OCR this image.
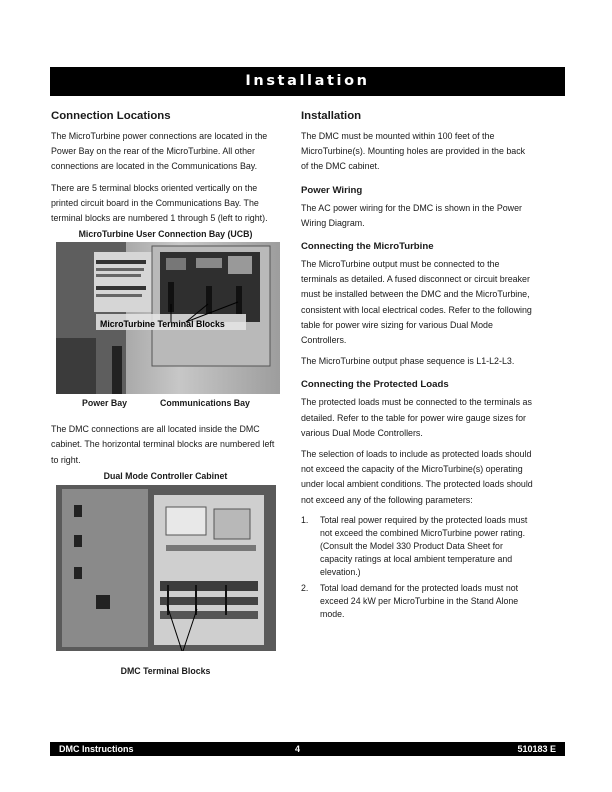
Installation
Connection Locations

The MicroTurbine power connections are located in the Power Bay on the rear of the MicroTurbine. All other connections are located in the Communications Bay.

There are 5 terminal blocks oriented vertically on the printed circuit board in the Communications Bay. The terminal blocks are numbered 1 through 5 (left to right).

MicroTurbine User Connection Bay (UCB)

MicroTurbine Terminal Blocks
Power Bay	Communications Bay

The DMC connections are all located inside the DMC cabinet. The horizontal terminal blocks are numbered left to right.

Dual Mode Controller Cabinet

DMC Terminal Blocks

Installation

The DMC must be mounted within 100 feet of the MicroTurbine(s). Mounting holes are provided in the back of the DMC cabinet.

Power Wiring

The AC power wiring for the DMC is shown in the Power Wiring Diagram.

Connecting the MicroTurbine

The MicroTurbine output must be connected to the terminals as detailed. A fused disconnect or circuit breaker must be installed between the DMC and the MicroTurbine, consistent with local electrical codes. Refer to the following table for power wire sizing for various Dual Mode Controllers.

The MicroTurbine output phase sequence is L1-L2-L3.

Connecting the Protected Loads

The protected loads must be connected to the terminals as detailed. Refer to the table for power wire gauge sizes for various Dual Mode Controllers.

The selection of loads to include as protected loads should not exceed the capacity of the MicroTurbine(s) operating under local ambient conditions. The protected loads should not exceed any of the following parameters:

1. Total real power required by the protected loads must not exceed the combined MicroTurbine power rating. (Consult the Model 330 Product Data Sheet for capacity ratings at local ambient temperature and elevation.)
2. Total load demand for the protected loads must not exceed 24 kW per MicroTurbine in the Stand Alone mode.
DMC Instructions	4	510183 E
